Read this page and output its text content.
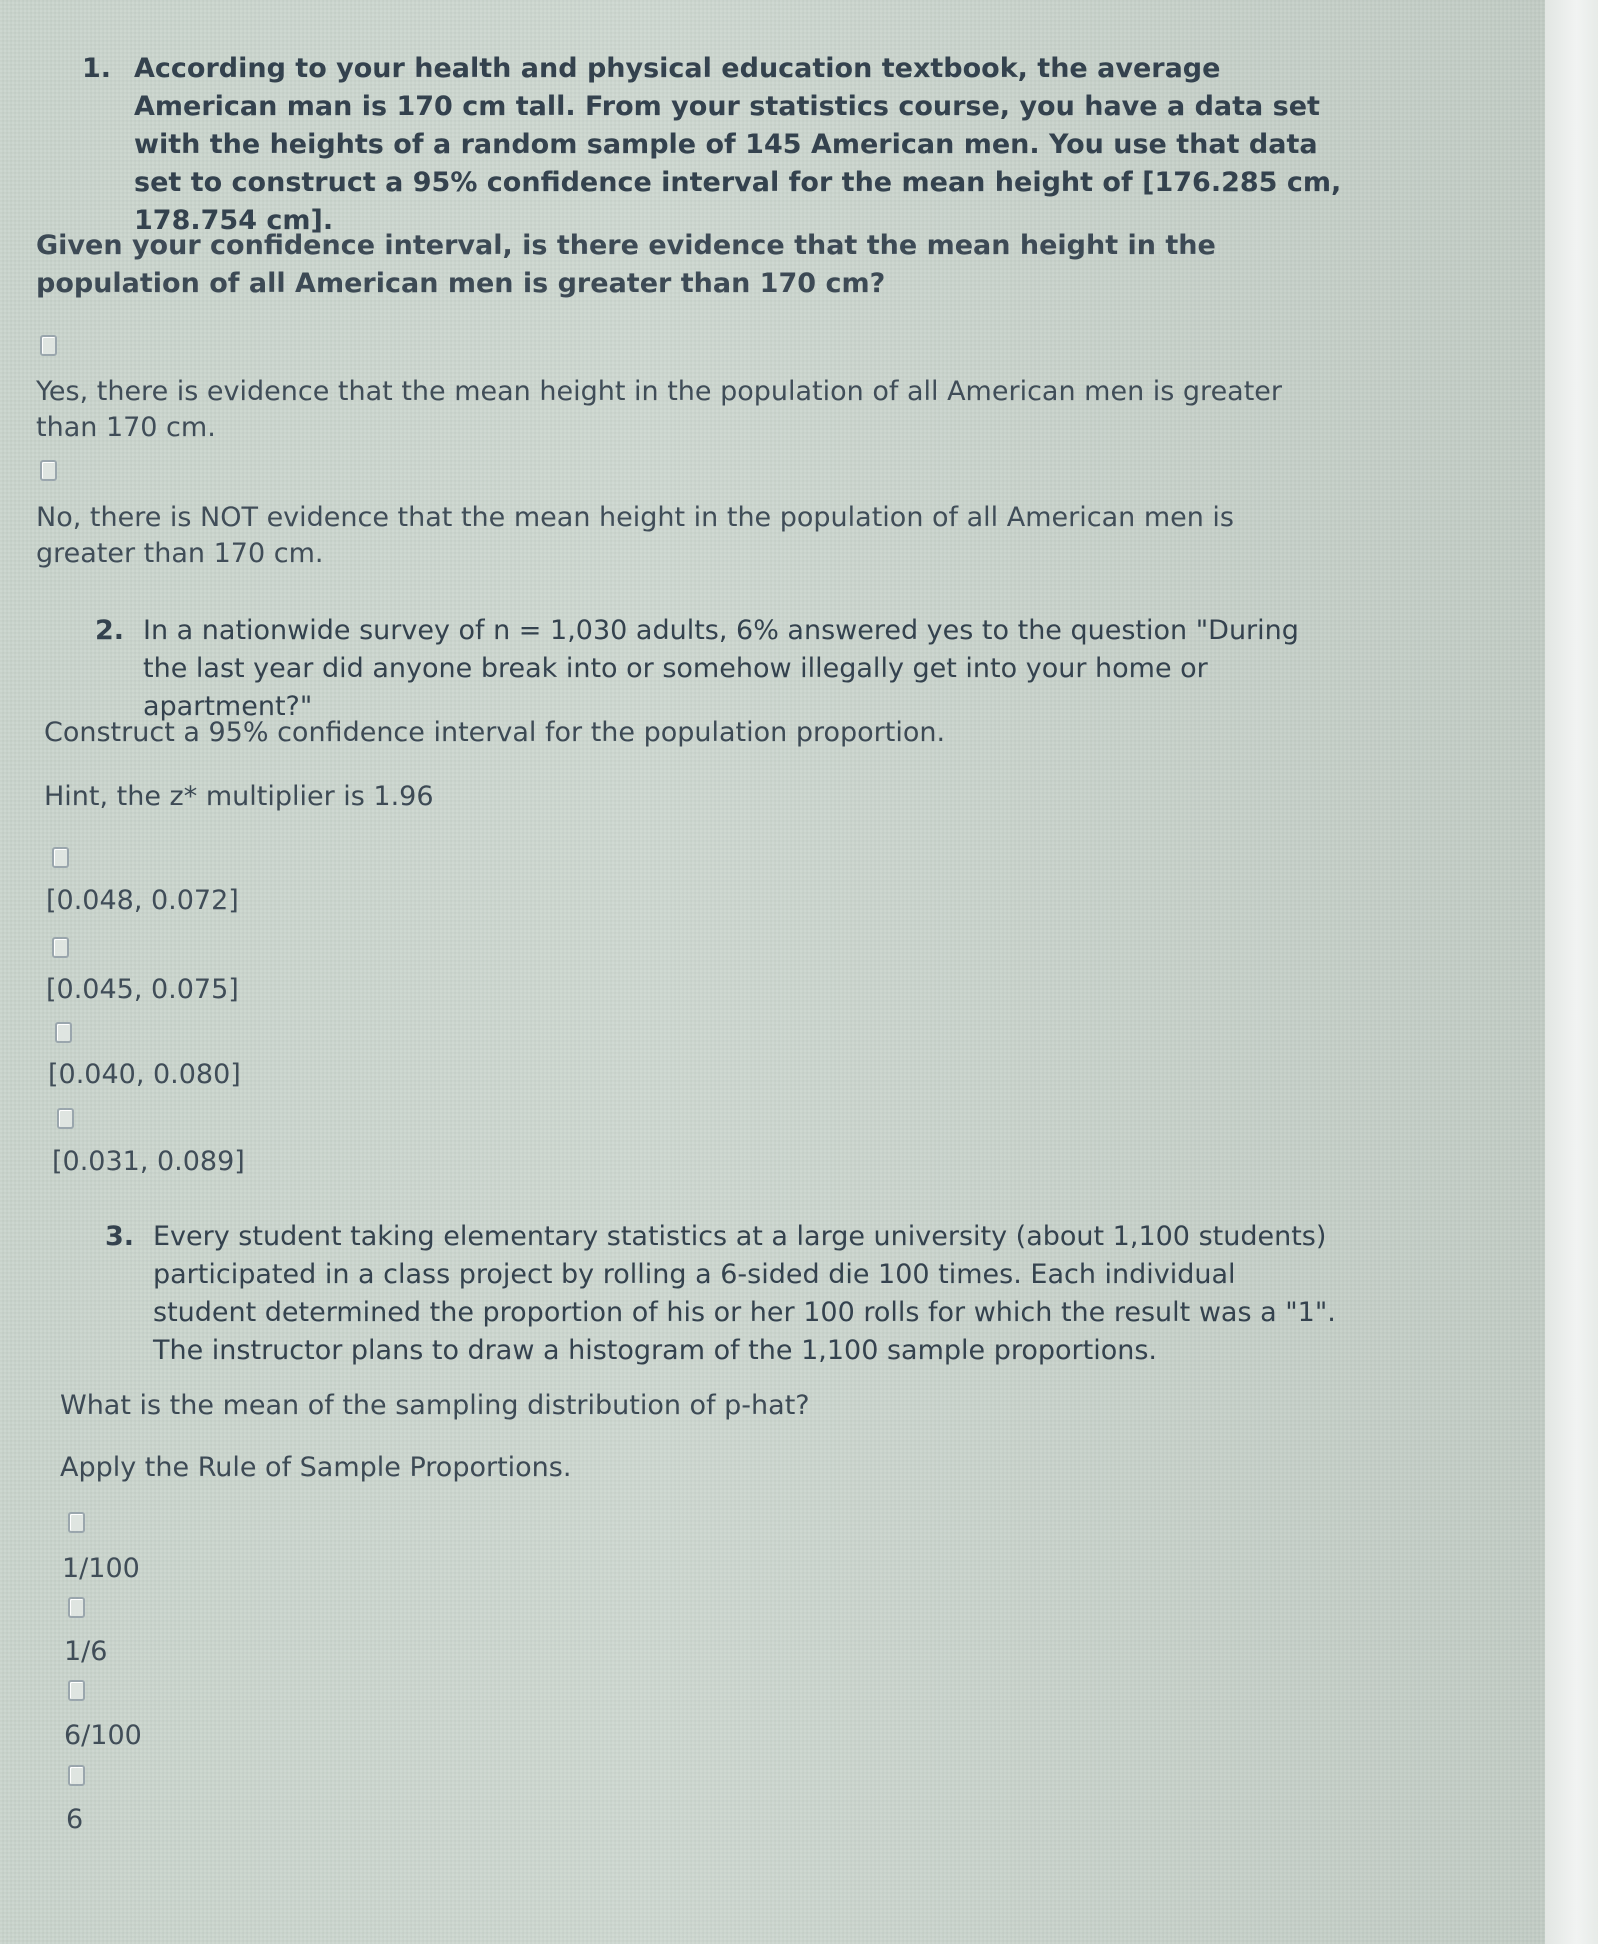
1. According to your health and physical education textbook, the average American man is 170 cm tall. From your statistics course, you have a data set with the heights of a random sample of 145 American men. You use that data set to construct a 95% confidence interval for the mean height of [176.285 cm, 178.754 cm].

Given your confidence interval, is there evidence that the mean height in the population of all American men is greater than 170 cm?

Yes, there is evidence that the mean height in the population of all American men is greater than 170 cm.

No, there is NOT evidence that the mean height in the population of all American men is greater than 170 cm.

2. In a nationwide survey of n = 1,030 adults, 6% answered yes to the question "During the last year did anyone break into or somehow illegally get into your home or apartment?"

Construct a 95% confidence interval for the population proportion.

Hint, the z* multiplier is 1.96

[0.048, 0.072]

[0.045, 0.075]

[0.040, 0.080]

[0.031, 0.089]

3. Every student taking elementary statistics at a large university (about 1,100 students) participated in a class project by rolling a 6-sided die 100 times. Each individual student determined the proportion of his or her 100 rolls for which the result was a "1". The instructor plans to draw a histogram of the 1,100 sample proportions.

What is the mean of the sampling distribution of p-hat?

Apply the Rule of Sample Proportions.

1/100

1/6

6/100

6
